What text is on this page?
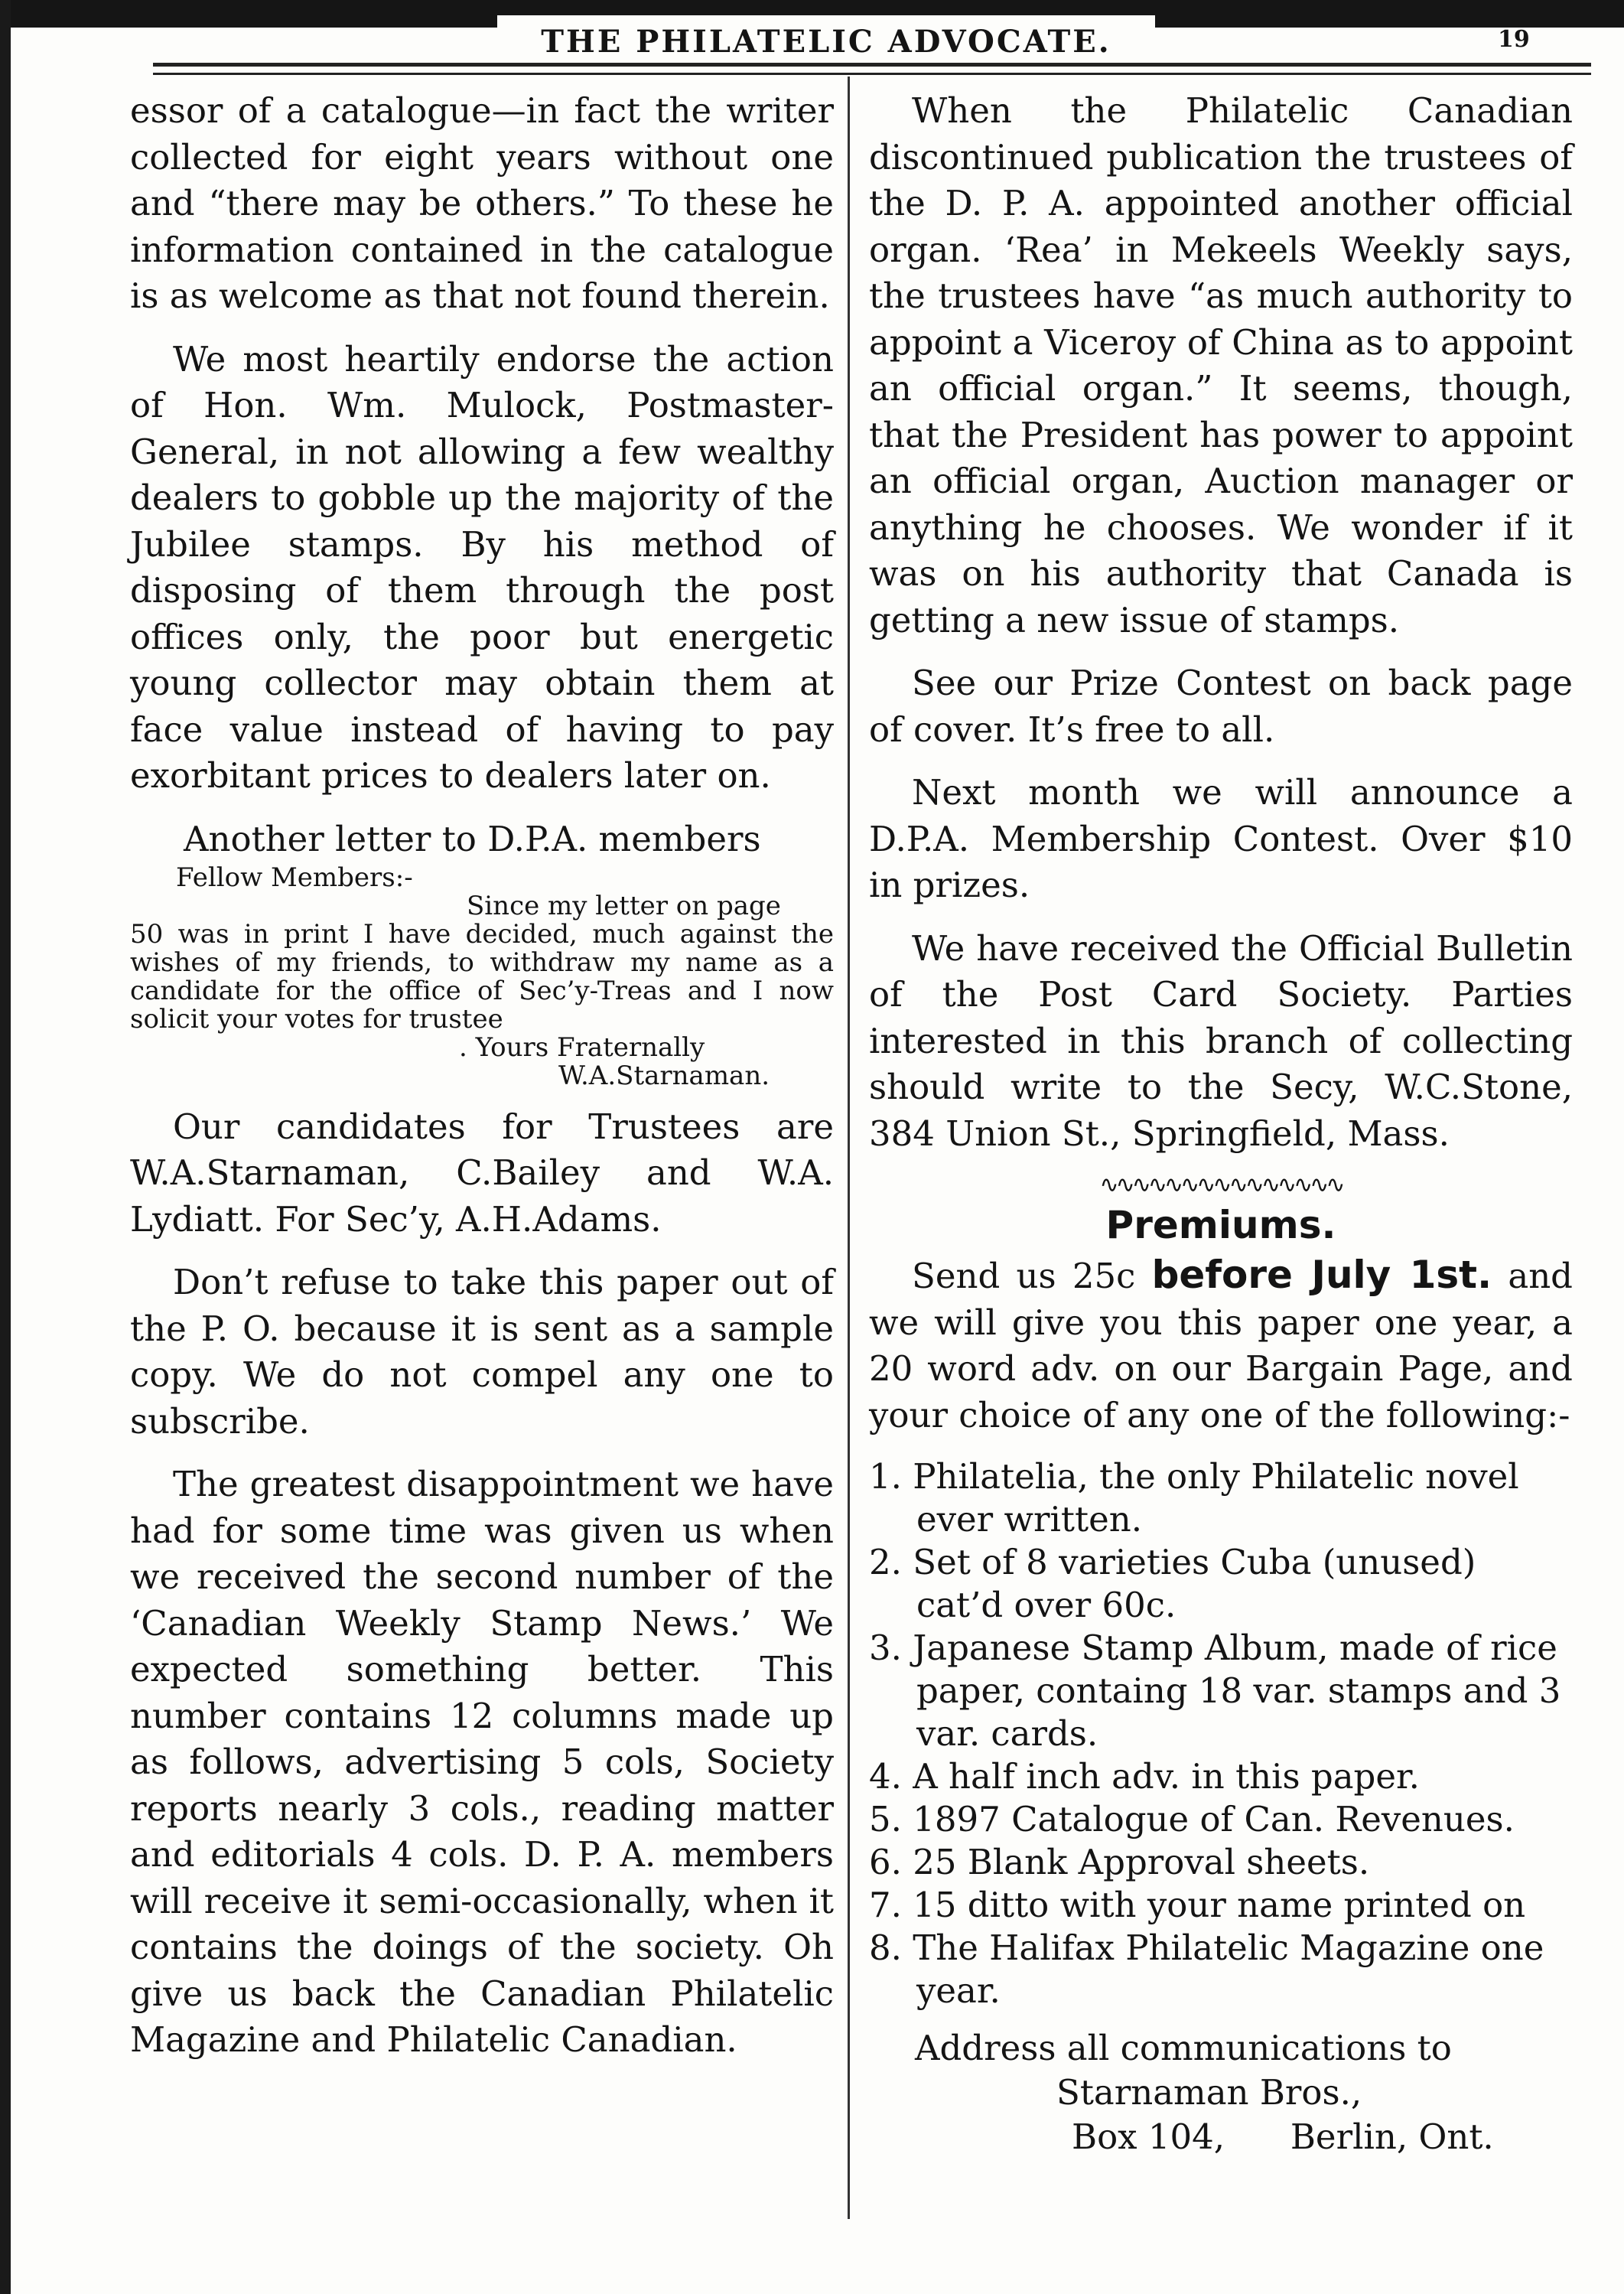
THE PHILATELIC ADVOCATE.	19

essor of a catalogue—in fact the writer collected for eight years without one and “there may be others.” To these he information contained in the catalogue is as welcome as that not found therein.

We most heartily endorse the action of Hon. Wm. Mulock, Postmaster-General, in not allowing a few wealthy dealers to gobble up the majority of the Jubilee stamps. By his method of disposing of them through the post offices only, the poor but energetic young collector may obtain them at face value instead of having to pay exorbitant prices to dealers later on.

Another letter to D.P.A. members
Fellow Members:-
Since my letter on page
50 was in print I have decided, much against the wishes of my friends, to withdraw my name as a candidate for the office of Sec’y-Treas and I now solicit your votes for trustee
. Yours Fraternally
W.A.Starnaman.

Our candidates for Trustees are W.A.Starnaman, C.Bailey and W.A. Lydiatt. For Sec’y, A.H.Adams.

Don’t refuse to take this paper out of the P. O. because it is sent as a sample copy. We do not compel any one to subscribe.

The greatest disappointment we have had for some time was given us when we received the second number of the ‘Canadian Weekly Stamp News.’ We expected something better. This number contains 12 columns made up as follows, advertising 5 cols, Society reports nearly 3 cols., reading matter and editorials 4 cols. D. P. A. members will receive it semi-occasionally, when it contains the doings of the society. Oh give us back the Canadian Philatelic Magazine and Philatelic Canadian.

When the Philatelic Canadian discontinued publication the trustees of the D. P. A. appointed another official organ. ‘Rea’ in Mekeels Weekly says, the trustees have “as much authority to appoint a Viceroy of China as to appoint an official organ.” It seems, though, that the President has power to appoint an official organ, Auction manager or anything he chooses. We wonder if it was on his authority that Canada is getting a new issue of stamps.

See our Prize Contest on back page of cover. It’s free to all.

Next month we will announce a D.P.A. Membership Contest. Over $10 in prizes.

We have received the Official Bulletin of the Post Card Society. Parties interested in this branch of collecting should write to the Secy, W.C.Stone, 384 Union St., Springfield, Mass.

∿∿∿∿∿∿∿∿∿∿∿∿∿∿∿
Premiums.

Send us 25c before July 1st. and we will give you this paper one year, a 20 word adv. on our Bargain Page, and your choice of any one of the following:-

1. Philatelia, the only Philatelic novel ever written.
2. Set of 8 varieties Cuba (unused) cat’d over 60c.
3. Japanese Stamp Album, made of rice paper, containg 18 var. stamps and 3 var. cards.
4. A half inch adv. in this paper.
5. 1897 Catalogue of Can. Revenues.
6. 25 Blank Approval sheets.
7. 15 ditto with your name printed on
8. The Halifax Philatelic Magazine one year.
Address all communications to
Starnaman Bros.,
Box 104,      Berlin, Ont.
